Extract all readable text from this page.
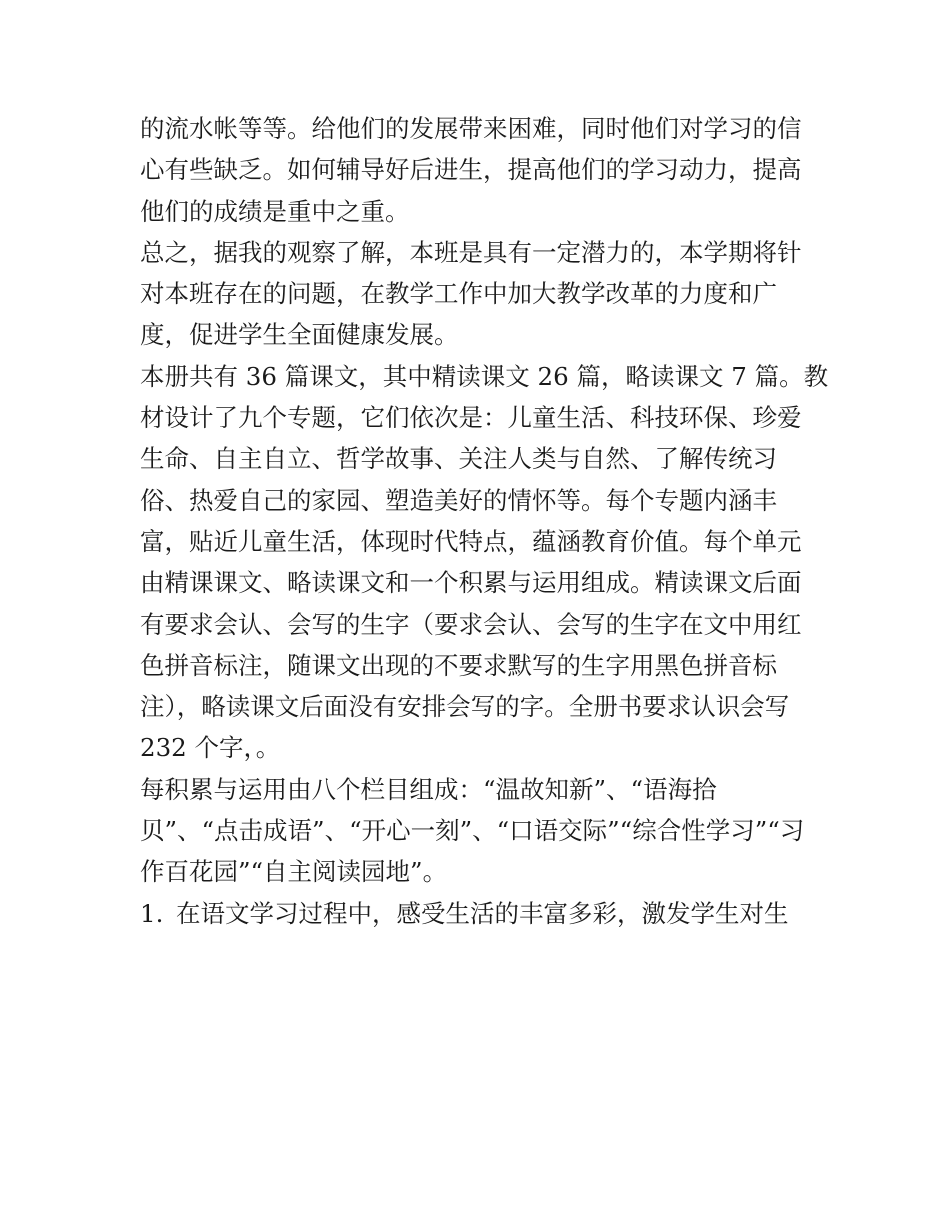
的流水帐等等。给他们的发展带来困难，同时他们对学习的信
心有些缺乏。如何辅导好后进生，提高他们的学习动力，提高
他们的成绩是重中之重。
总之，据我的观察了解，本班是具有一定潜力的，本学期将针
对本班存在的问题，在教学工作中加大教学改革的力度和广
度，促进学生全面健康发展。
本册共有 36 篇课文，其中精读课文 26 篇，略读课文 7 篇。教
材设计了九个专题，它们依次是：儿童生活、科技环保、珍爱
生命、自主自立、哲学故事、关注人类与自然、了解传统习
俗、热爱自己的家园、塑造美好的情怀等。每个专题内涵丰
富，贴近儿童生活，体现时代特点，蕴涵教育价值。每个单元
由精课课文、略读课文和一个积累与运用组成。精读课文后面
有要求会认、会写的生字（要求会认、会写的生字在文中用红
色拼音标注，随课文出现的不要求默写的生字用黑色拼音标
注），略读课文后面没有安排会写的字。全册书要求认识会写
232 个字，。
每积累与运用由八个栏目组成：“温故知新”、“语海拾
贝”、“点击成语”、“开心一刻”、“口语交际”“综合性学习”“习
作百花园”“自主阅读园地”。
1. 在语文学习过程中，感受生活的丰富多彩，激发学生对生
